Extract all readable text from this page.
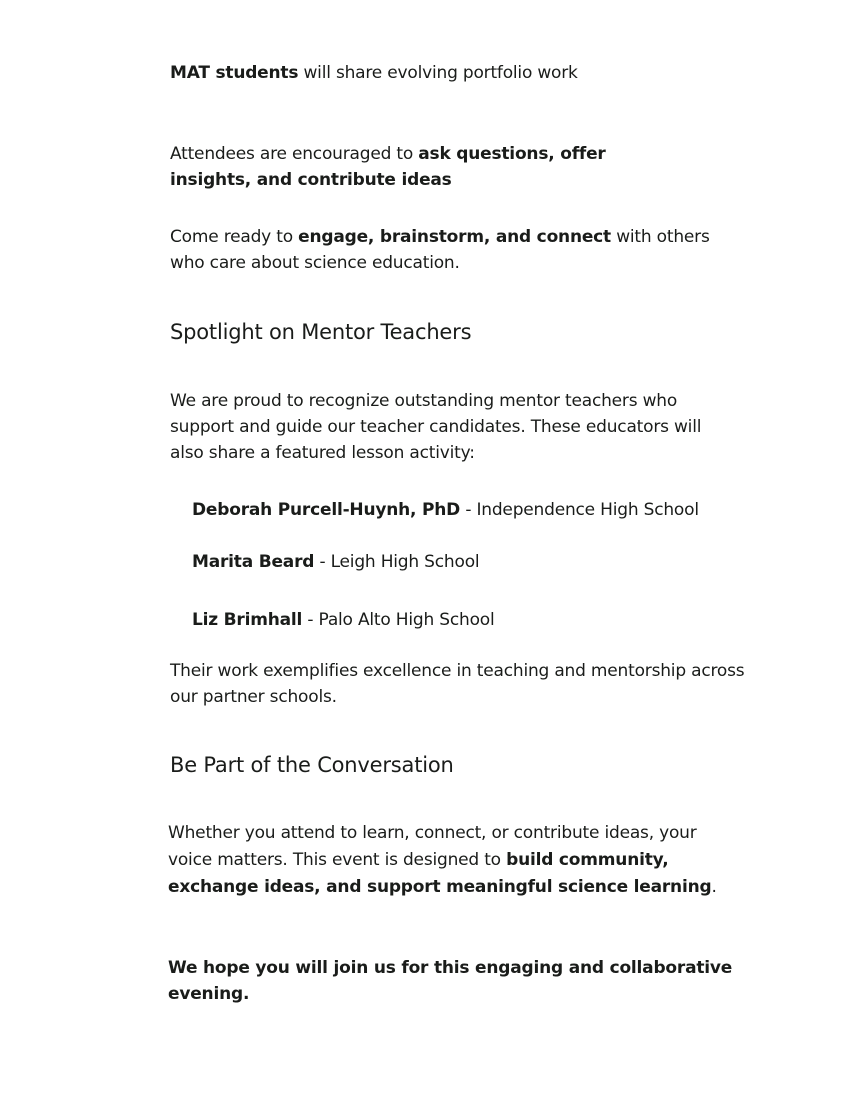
MAT students will share evolving portfolio work

Attendees are encouraged to ask questions, offer insights, and contribute ideas

Come ready to engage, brainstorm, and connect with others who care about science education.

Spotlight on Mentor Teachers

We are proud to recognize outstanding mentor teachers who support and guide our teacher candidates. These educators will also share a featured lesson activity:

Deborah Purcell-Huynh, PhD - Independence High School

Marita Beard - Leigh High School

Liz Brimhall - Palo Alto High School

Their work exemplifies excellence in teaching and mentorship across our partner schools.

Be Part of the Conversation

Whether you attend to learn, connect, or contribute ideas, your voice matters. This event is designed to build community, exchange ideas, and support meaningful science learning.

We hope you will join us for this engaging and collaborative evening.
